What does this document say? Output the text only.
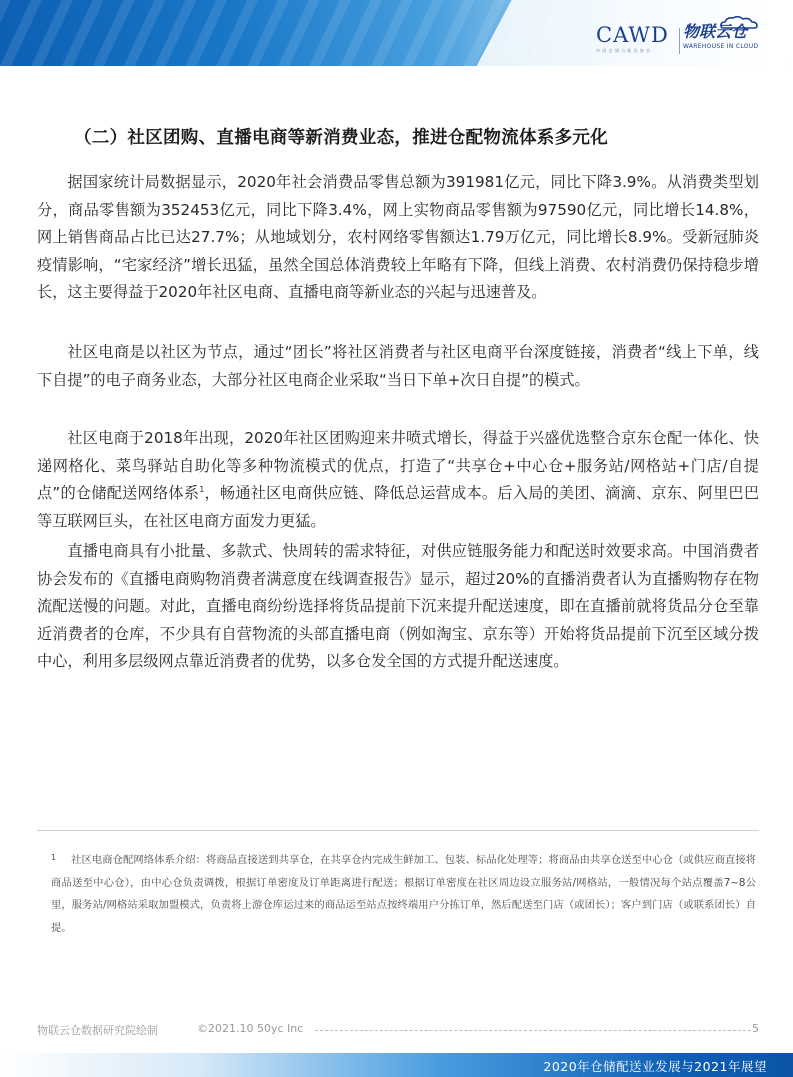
CAWD
中 国 仓 储 与 配 送 协 会
物联云仓
WAREHOUSE IN CLOUD
（二）社区团购、直播电商等新消费业态，推进仓配物流体系多元化

据国家统计局数据显示，2020年社会消费品零售总额为391981亿元，同比下降3.9%。从消费类型划分，商品零售额为352453亿元，同比下降3.4%，网上实物商品零售额为97590亿元，同比增长14.8%，网上销售商品占比已达27.7%；从地域划分，农村网络零售额达1.79万亿元，同比增长8.9%。受新冠肺炎疫情影响，“宅家经济”增长迅猛，虽然全国总体消费较上年略有下降，但线上消费、农村消费仍保持稳步增长，这主要得益于2020年社区电商、直播电商等新业态的兴起与迅速普及。

社区电商是以社区为节点，通过“团长”将社区消费者与社区电商平台深度链接，消费者“线上下单，线下自提”的电子商务业态，大部分社区电商企业采取“当日下单+次日自提”的模式。

社区电商于2018年出现，2020年社区团购迎来井喷式增长，得益于兴盛优选整合京东仓配一体化、快递网格化、菜鸟驿站自助化等多种物流模式的优点，打造了“共享仓+中心仓+服务站/网格站+门店/自提点”的仓储配送网络体系$^1$，畅通社区电商供应链、降低总运营成本。后入局的美团、滴滴、京东、阿里巴巴等互联网巨头，在社区电商方面发力更猛。

直播电商具有小批量、多款式、快周转的需求特征，对供应链服务能力和配送时效要求高。中国消费者协会发布的《直播电商购物消费者满意度在线调查报告》显示，超过20%的直播消费者认为直播购物存在物流配送慢的问题。对此，直播电商纷纷选择将货品提前下沉来提升配送速度，即在直播前就将货品分仓至靠近消费者的仓库，不少具有自营物流的头部直播电商（例如淘宝、京东等）开始将货品提前下沉至区域分拨中心，利用多层级网点靠近消费者的优势，以多仓发全国的方式提升配送速度。

1 社区电商仓配网络体系介绍：将商品直接送到共享仓，在共享仓内完成生鲜加工、包装、标品化处理等；将商品由共享仓送至中心仓（或供应商直接将商品送至中心仓），由中心仓负责调拨，根据订单密度及订单距离进行配送；根据订单密度在社区周边设立服务站/网格站，一般情况每个站点覆盖7~8公里，服务站/网格站采取加盟模式，负责将上游仓库运过来的商品运至站点按终端用户分拣订单，然后配送至门店（或团长）；客户到门店（或联系团长）自提。
物联云仓数据研究院绘制	©2021.10 50yc Inc	5
2020年仓储配送业发展与2021年展望
